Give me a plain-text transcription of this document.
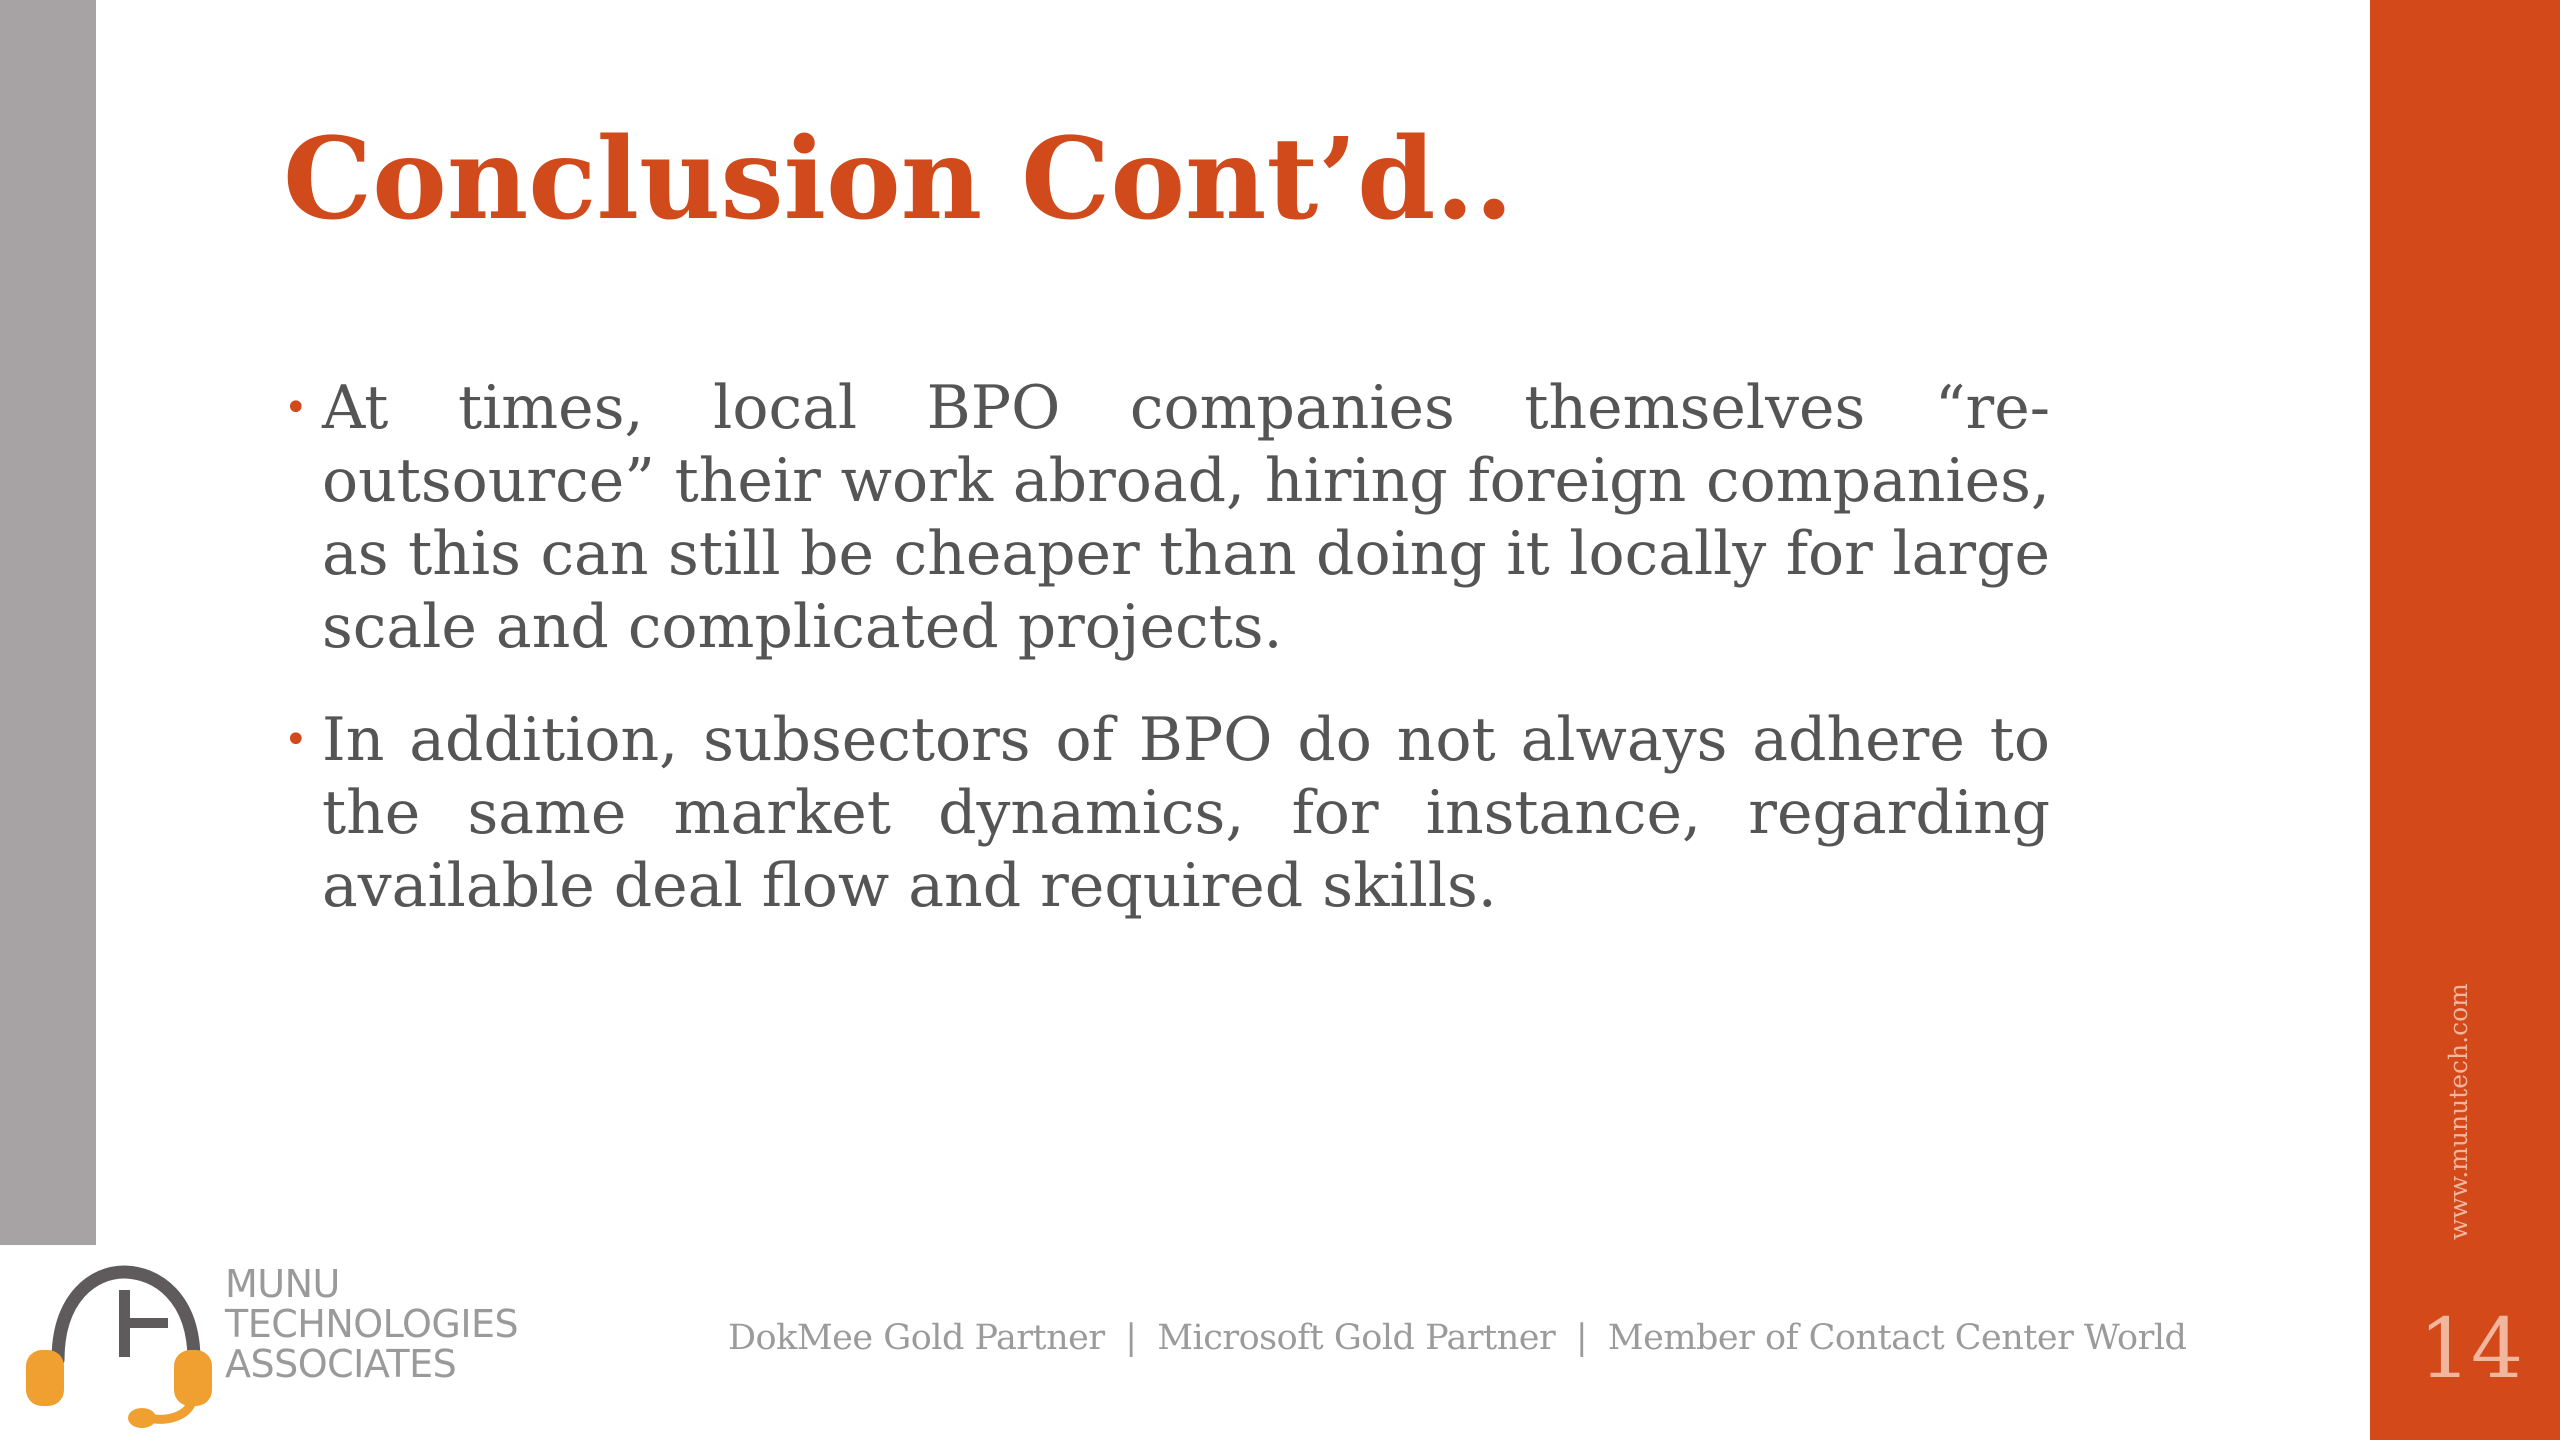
Conclusion Cont’d..
• At times, local BPO companies themselves “re-outsource” their work abroad, hiring foreign companies, as this can still be cheaper than doing it locally for large scale and complicated projects.
• In addition, subsectors of BPO do not always adhere to the same market dynamics, for instance, regarding available deal flow and required skills.
MUNU
TECHNOLOGIES
ASSOCIATES
DokMee Gold Partner | Microsoft Gold Partner | Member of Contact Center World
www.munutech.com
14
